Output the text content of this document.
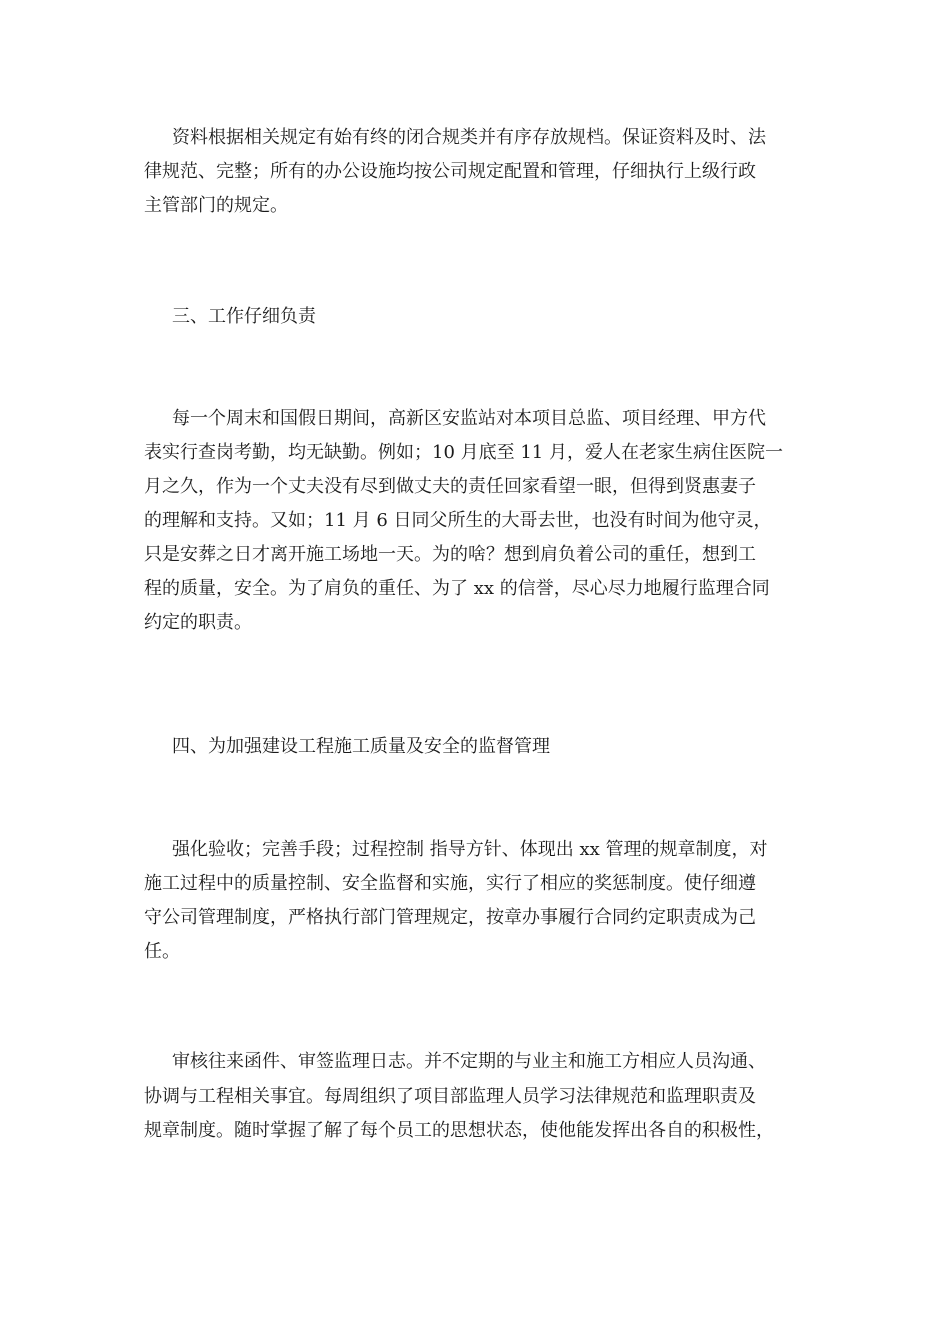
资料根据相关规定有始有终的闭合规类并有序存放规档。保证资料及时、法
律规范、完整；所有的办公设施均按公司规定配置和管理，仔细执行上级行政
主管部门的规定。
三、工作仔细负责
每一个周末和国假日期间，高新区安监站对本项目总监、项目经理、甲方代
表实行查岗考勤，均无缺勤。例如；10 月底至 11 月，爱人在老家生病住医院一
月之久，作为一个丈夫没有尽到做丈夫的责任回家看望一眼，但得到贤惠妻子
的理解和支持。又如；11 月 6 日同父所生的大哥去世，也没有时间为他守灵，
只是安葬之日才离开施工场地一天。为的啥？想到肩负着公司的重任，想到工
程的质量，安全。为了肩负的重任、为了 xx 的信誉，尽心尽力地履行监理合同
约定的职责。
四、为加强建设工程施工质量及安全的监督管理
强化验收；完善手段；过程控制 指导方针、体现出 xx 管理的规章制度，对
施工过程中的质量控制、安全监督和实施，实行了相应的奖惩制度。使仔细遵
守公司管理制度，严格执行部门管理规定，按章办事履行合同约定职责成为己
任。
审核往来函件、审签监理日志。并不定期的与业主和施工方相应人员沟通、
协调与工程相关事宜。每周组织了项目部监理人员学习法律规范和监理职责及
规章制度。随时掌握了解了每个员工的思想状态，使他能发挥出各自的积极性，
